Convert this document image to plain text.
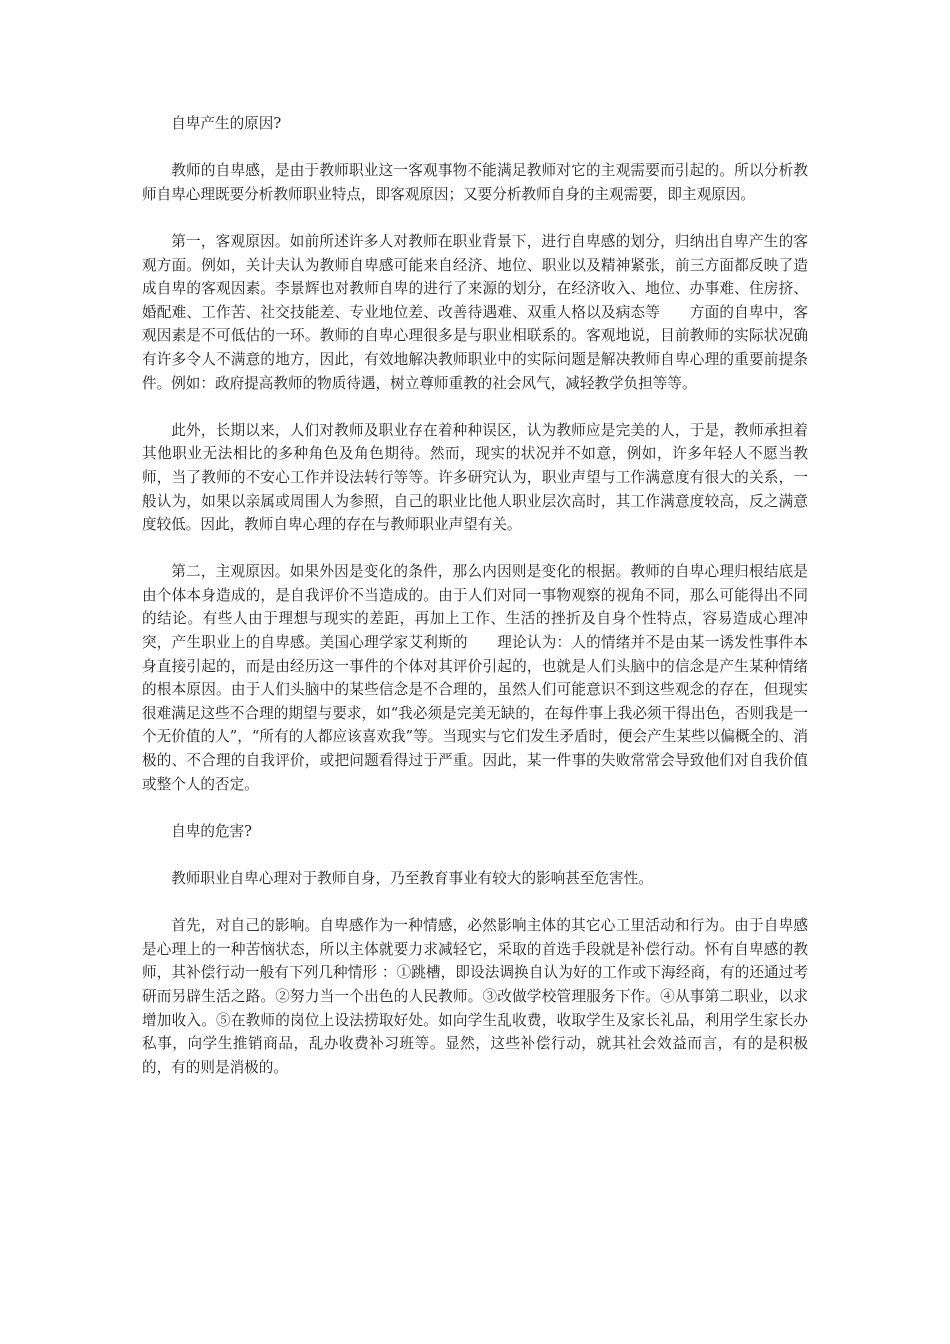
自卑产生的原因?

教师的自卑感，是由于教师职业这一客观事物不能满足教师对它的主观需要而引起的。所以分析教师自卑心理既要分析教师职业特点，即客观原因；又要分析教师自身的主观需要，即主观原因。

第一，客观原因。如前所述许多人对教师在职业背景下，进行自卑感的划分，归纳出自卑产生的客观方面。例如，关计夫认为教师自卑感可能来自经济、地位、职业以及精神紧张，前三方面都反映了造成自卑的客观因素。李景辉也对教师自卑的进行了来源的划分，在经济收入、地位、办事难、住房挤、婚配难、工作苦、社交技能差、专业地位差、改善待遇难、双重人格以及病态等　　方面的自卑中，客观因素是不可低估的一环。教师的自卑心理很多是与职业相联系的。客观地说，目前教师的实际状况确有许多令人不满意的地方，因此，有效地解决教师职业中的实际问题是解决教师自卑心理的重要前提条件。例如：政府提高教师的物质待遇，树立尊师重教的社会风气，减轻教学负担等等。

此外，长期以来，人们对教师及职业存在着种种误区，认为教师应是完美的人，于是，教师承担着其他职业无法相比的多种角色及角色期待。然而，现实的状况并不如意，例如，许多年轻人不愿当教师，当了教师的不安心工作并设法转行等等。许多研究认为，职业声望与工作满意度有很大的关系，一般认为，如果以亲属或周围人为参照，自己的职业比他人职业层次高时，其工作满意度较高，反之满意度较低。因此，教师自卑心理的存在与教师职业声望有关。

第二，主观原因。如果外因是变化的条件，那么内因则是变化的根据。教师的自卑心理归根结底是由个体本身造成的，是自我评价不当造成的。由于人们对同一事物观察的视角不同，那么可能得出不同的结论。有些人由于理想与现实的差距，再加上工作、生活的挫折及自身个性特点，容易造成心理冲突，产生职业上的自卑感。美国心理学家艾利斯的　　理论认为：人的情绪并不是由某一诱发性事件本身直接引起的，而是由经历这一事件的个体对其评价引起的，也就是人们头脑中的信念是产生某种情绪的根本原因。由于人们头脑中的某些信念是不合理的，虽然人们可能意识不到这些观念的存在，但现实很难满足这些不合理的期望与要求，如“我必须是完美无缺的，在每件事上我必须干得出色，否则我是一个无价值的人”，“所有的人都应该喜欢我”等。当现实与它们发生矛盾时，便会产生某些以偏概全的、消极的、不合理的自我评价，或把问题看得过于严重。因此，某一件事的失败常常会导致他们对自我价值或整个人的否定。

自卑的危害?

教师职业自卑心理对于教师自身，乃至教育事业有较大的影响甚至危害性。

首先，对自己的影响。自卑感作为一种情感，必然影响主体的其它心工里活动和行为。由于自卑感是心理上的一种苦恼状态，所以主体就要力求减轻它，采取的首选手段就是补偿行动。怀有自卑感的教师，其补偿行动一般有下列几种情形 ：①跳槽，即设法调换自认为好的工作或下海经商，有的还通过考研而另辟生活之路。②努力当一个出色的人民教师。③改做学校管理服务下作。④从事第二职业，以求增加收入。⑤在教师的岗位上设法捞取好处。如向学生乱收费，收取学生及家长礼品，利用学生家长办私事，向学生推销商品，乱办收费补习班等。显然，这些补偿行动，就其社会效益而言，有的是积极的，有的则是消极的。
